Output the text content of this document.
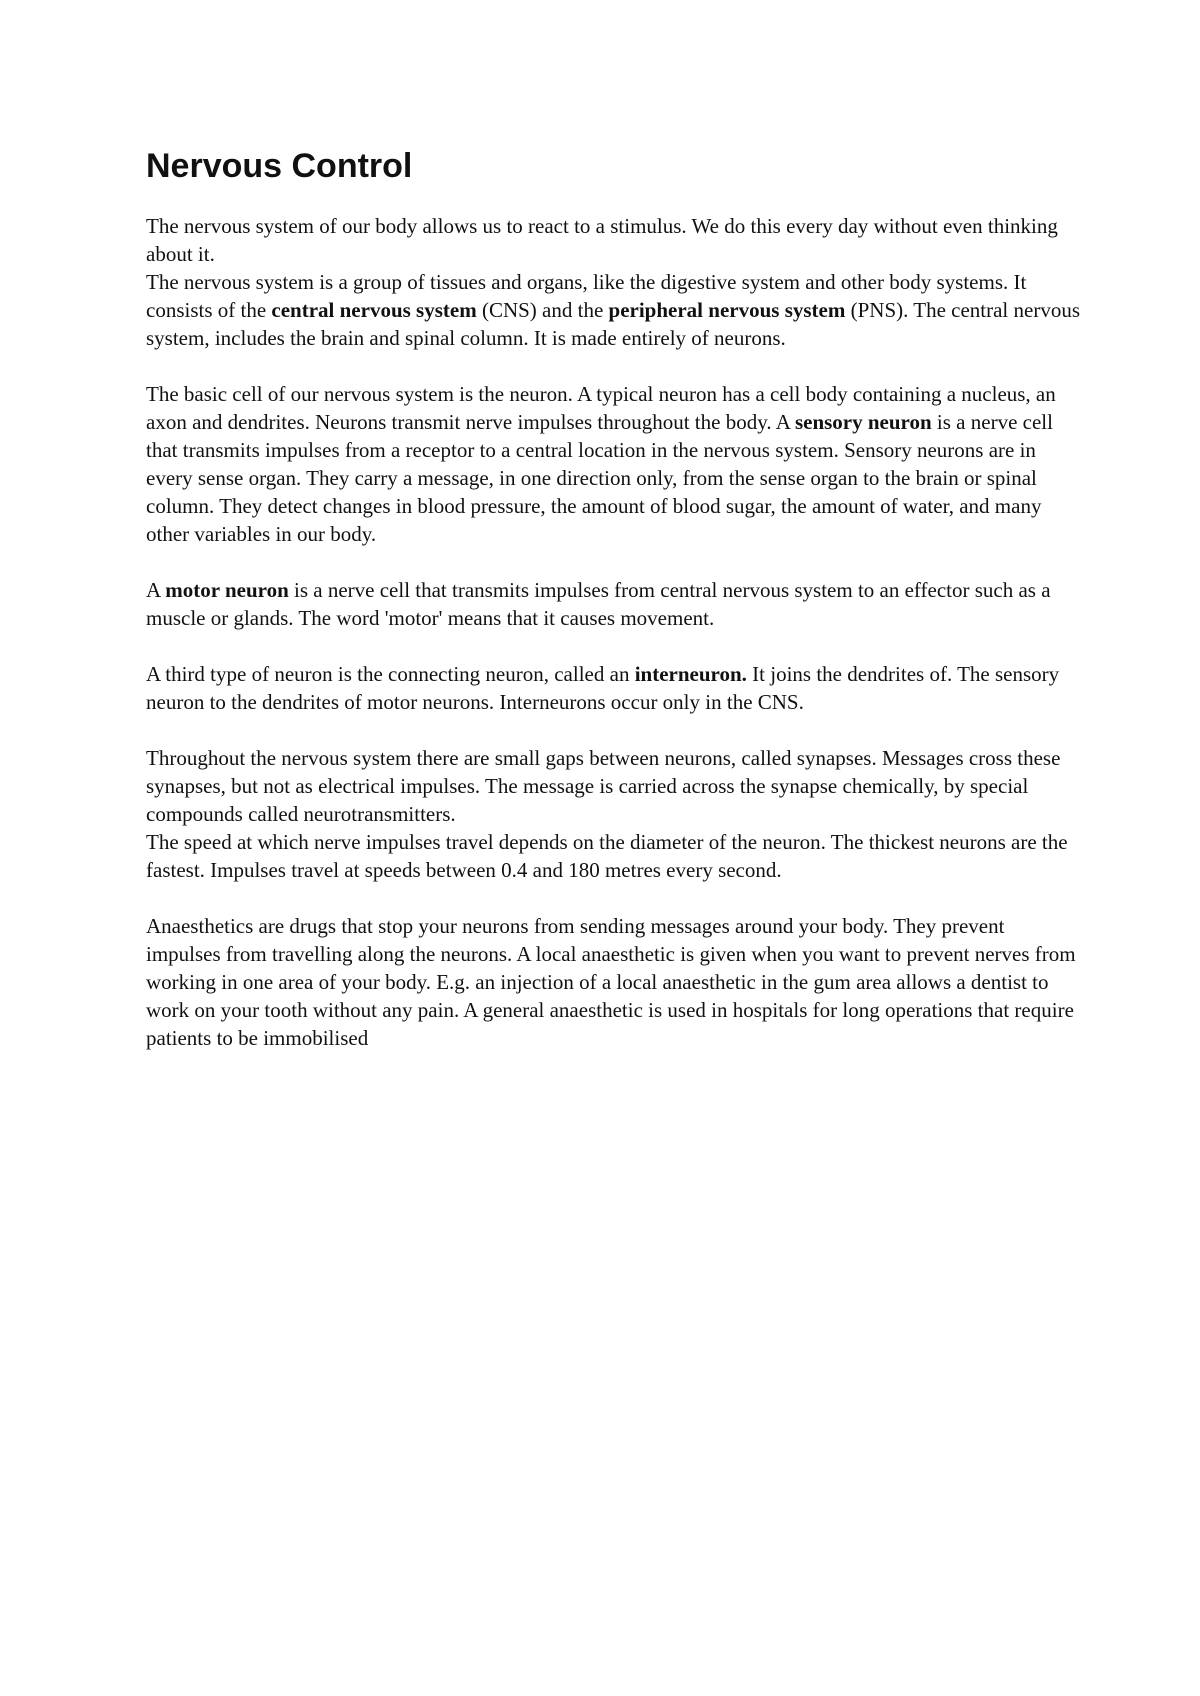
Nervous Control
The nervous system of our body allows us to react to a stimulus. We do this every day without even thinking about it.
The nervous system is a group of tissues and organs, like the digestive system and other body systems. It consists of the central nervous system (CNS) and the peripheral nervous system (PNS). The central nervous system, includes the brain and spinal column. It is made entirely of neurons.
The basic cell of our nervous system is the neuron. A typical neuron has a cell body containing a nucleus, an axon and dendrites. Neurons transmit nerve impulses throughout the body. A sensory neuron is a nerve cell that transmits impulses from a receptor to a central location in the nervous system. Sensory neurons are in every sense organ. They carry a message, in one direction only, from the sense organ to the brain or spinal column. They detect changes in blood pressure, the amount of blood sugar, the amount of water, and many other variables in our body.
A motor neuron is a nerve cell that transmits impulses from central nervous system to an effector such as a muscle or glands. The word 'motor' means that it causes movement.
A third type of neuron is the connecting neuron, called an interneuron. It joins the dendrites of. The sensory neuron to the dendrites of motor neurons. Interneurons occur only in the CNS.
Throughout the nervous system there are small gaps between neurons, called synapses. Messages cross these synapses, but not as electrical impulses. The message is carried across the synapse chemically, by special compounds called neurotransmitters.
The speed at which nerve impulses travel depends on the diameter of the neuron. The thickest neurons are the fastest. Impulses travel at speeds between 0.4 and 180 metres every second.
Anaesthetics are drugs that stop your neurons from sending messages around your body. They prevent impulses from travelling along the neurons. A local anaesthetic is given when you want to prevent nerves from working in one area of your body. E.g. an injection of a local anaesthetic in the gum area allows a dentist to work on your tooth without any pain. A general anaesthetic is used in hospitals for long operations that require patients to be immobilised
